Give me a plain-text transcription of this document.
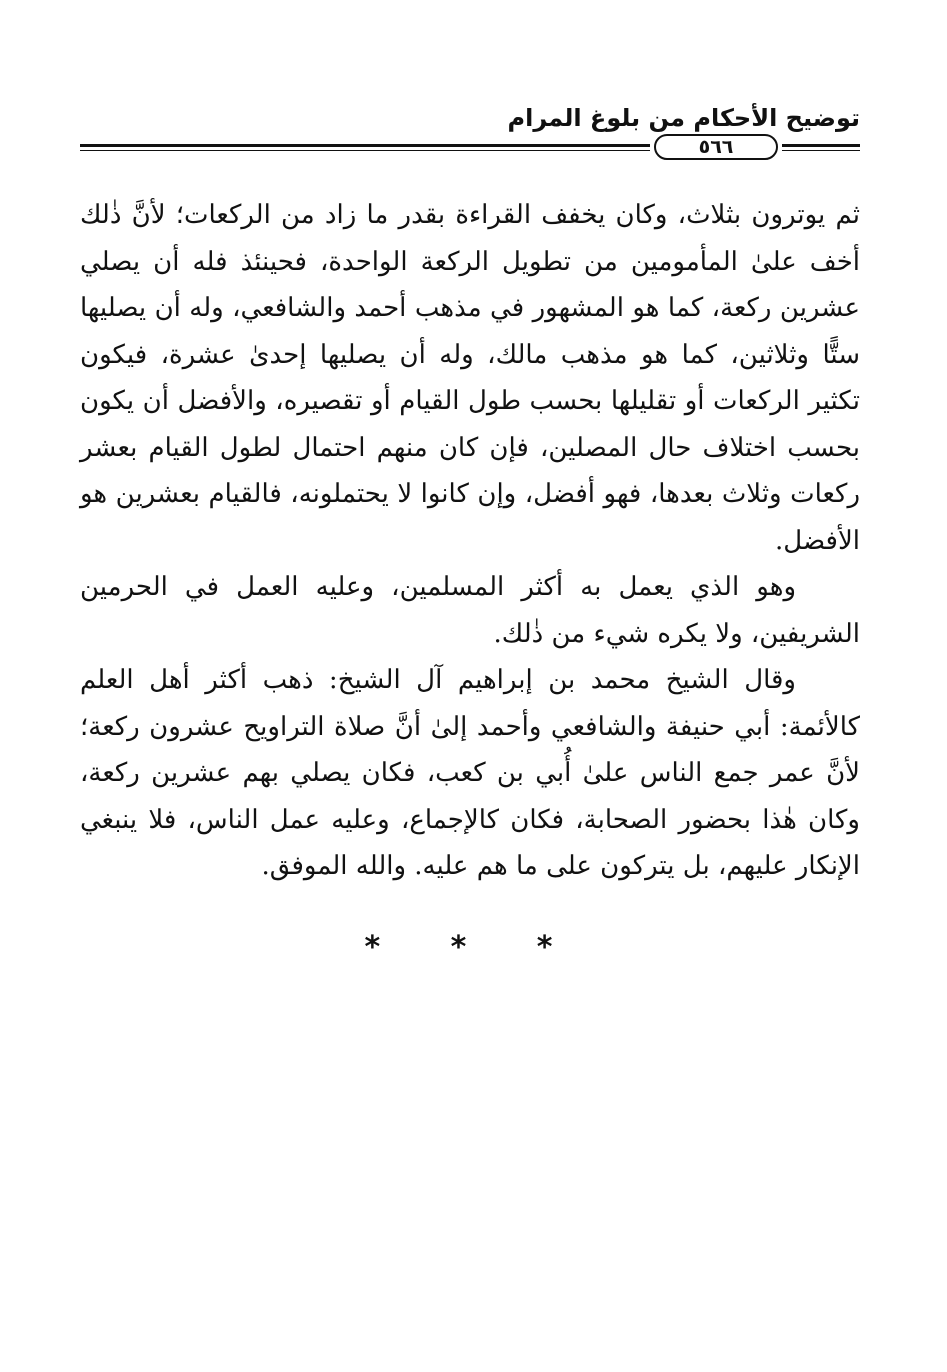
توضيح الأحكام من بلوغ المرام
٥٦٦

ثم يوترون بثلاث، وكان يخفف القراءة بقدر ما زاد من الركعات؛ لأنَّ ذٰلك أخف علىٰ المأمومين من تطويل الركعة الواحدة، فحينئذ فله أن يصلي عشرين ركعة، كما هو المشهور في مذهب أحمد والشافعي، وله أن يصليها ستًّا وثلاثين، كما هو مذهب مالك، وله أن يصليها إحدىٰ عشرة، فيكون تكثير الركعات أو تقليلها بحسب طول القيام أو تقصيره، والأفضل أن يكون بحسب اختلاف حال المصلين، فإن كان منهم احتمال لطول القيام بعشر ركعات وثلاث بعدها، فهو أفضل، وإن كانوا لا يحتملونه، فالقيام بعشرين هو الأفضل.

وهو الذي يعمل به أكثر المسلمين، وعليه العمل في الحرمين الشريفين، ولا يكره شيء من ذٰلك.

وقال الشيخ محمد بن إبراهيم آل الشيخ: ذهب أكثر أهل العلم كالأئمة: أبي حنيفة والشافعي وأحمد إلىٰ أنَّ صلاة التراويح عشرون ركعة؛ لأنَّ عمر جمع الناس علىٰ أُبي بن كعب، فكان يصلي بهم عشرين ركعة، وكان هٰذا بحضور الصحابة، فكان كالإجماع، وعليه عمل الناس، فلا ينبغي الإنكار عليهم، بل يتركون على ما هم عليه. والله الموفق.

* * *
